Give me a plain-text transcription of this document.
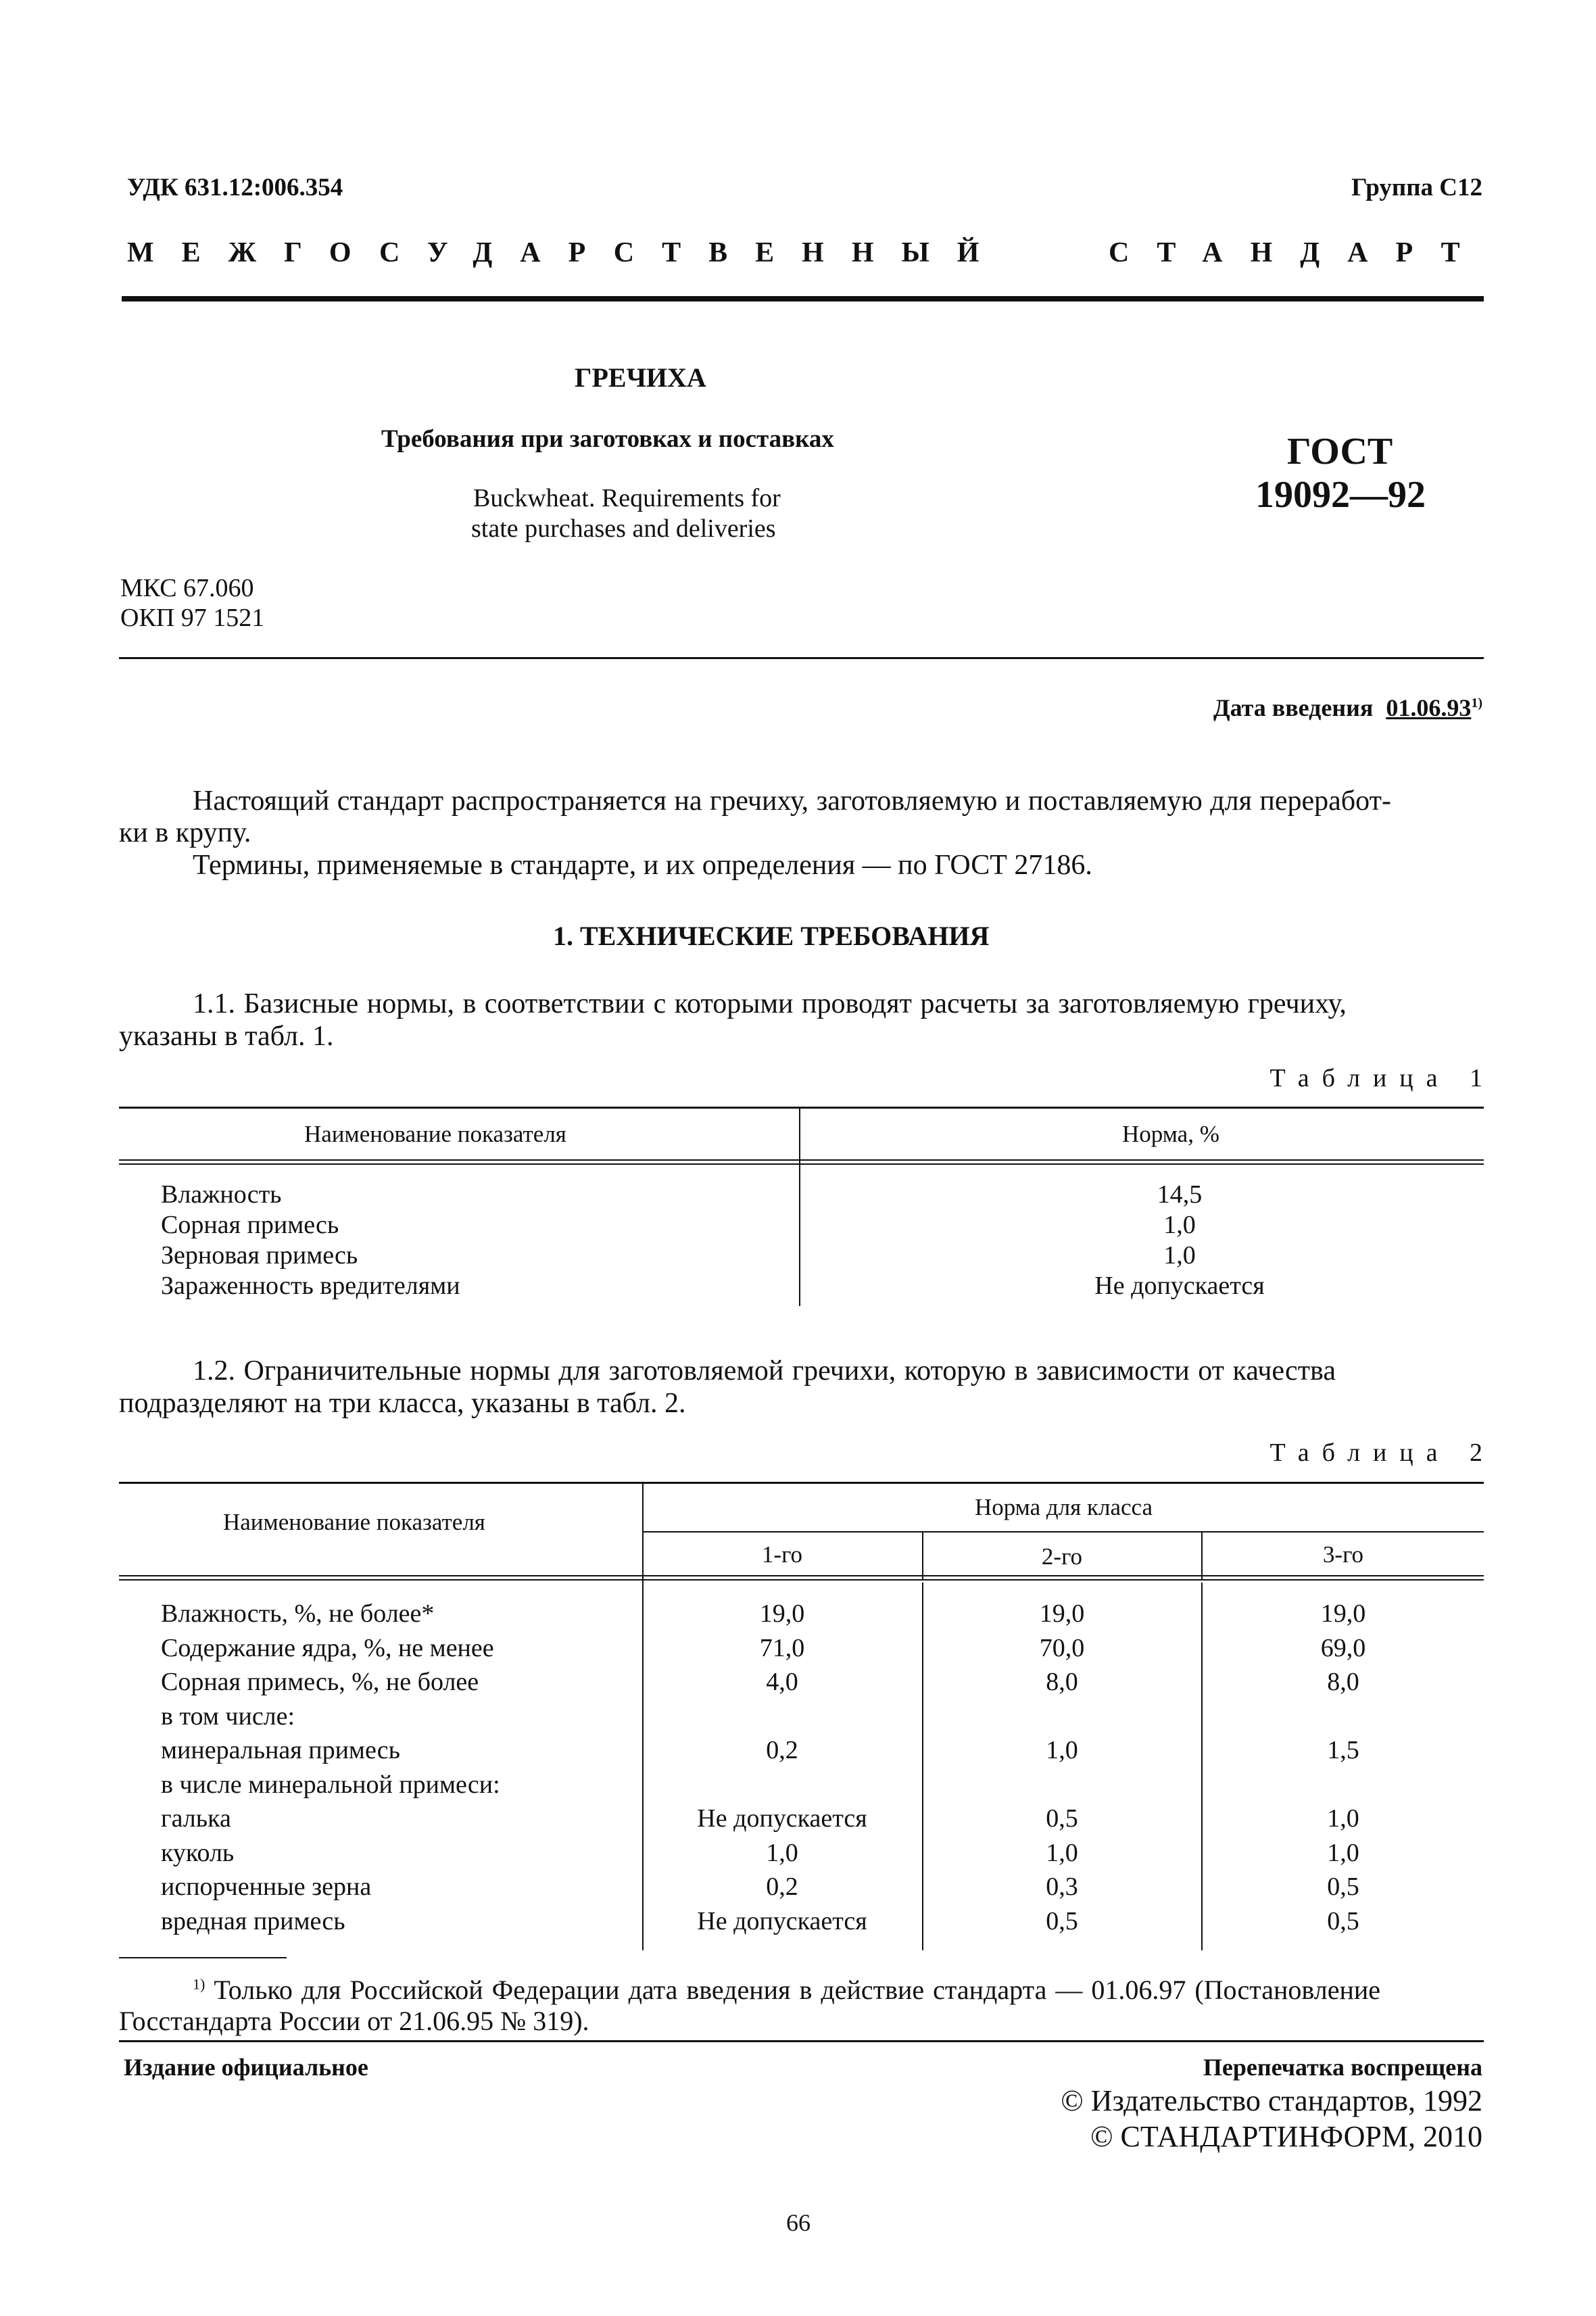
УДК 631.12:006.354	Группа С12
МЕЖГОСУДАРСТВЕННЫЙ	СТАНДАРТ
ГРЕЧИХА
Требования при заготовках и поставках
Buckwheat. Requirements for
state purchases and deliveries
ГОСТ
19092—92
МКС 67.060
ОКП 97 1521
Дата введения 01.06.93$^{1)}$
Настоящий стандарт распространяется на гречиху, заготовляемую и поставляемую для переработ-
ки в крупу.
Термины, применяемые в стандарте, и их определения — по ГОСТ 27186.
1. ТЕХНИЧЕСКИЕ ТРЕБОВАНИЯ
1.1. Базисные нормы, в соответствии с которыми проводят расчеты за заготовляемую гречиху,
указаны в табл. 1.
Таблица 1
Наименование показателя	Норма, %
Влажность	14,5
Сорная примесь	1,0
Зерновая примесь	1,0
Зараженность вредителями	Не допускается
1.2. Ограничительные нормы для заготовляемой гречихи, которую в зависимости от качества
подразделяют на три класса, указаны в табл. 2.
Таблица 2
Наименование показателя
Норма для класса
1-го	2-го	3-го
Влажность, %, не более*	19,0	19,0	19,0
Содержание ядра, %, не менее	71,0	70,0	69,0
Сорная примесь, %, не более	4,0	8,0	8,0
в том числе:
минеральная примесь	0,2	1,0	1,5
в числе минеральной примеси:
галька	Не допускается	0,5	1,0
куколь	1,0	1,0	1,0
испорченные зерна	0,2	0,3	0,5
вредная примесь	Не допускается	0,5	0,5
$^{1)}$ Только для Российской Федерации дата введения в действие стандарта — 01.06.97 (Постановление
Госстандарта России от 21.06.95 № 319).
Издание официальное	Перепечатка воспрещена
© Издательство стандартов, 1992
© СТАНДАРТИНФОРМ, 2010
66
